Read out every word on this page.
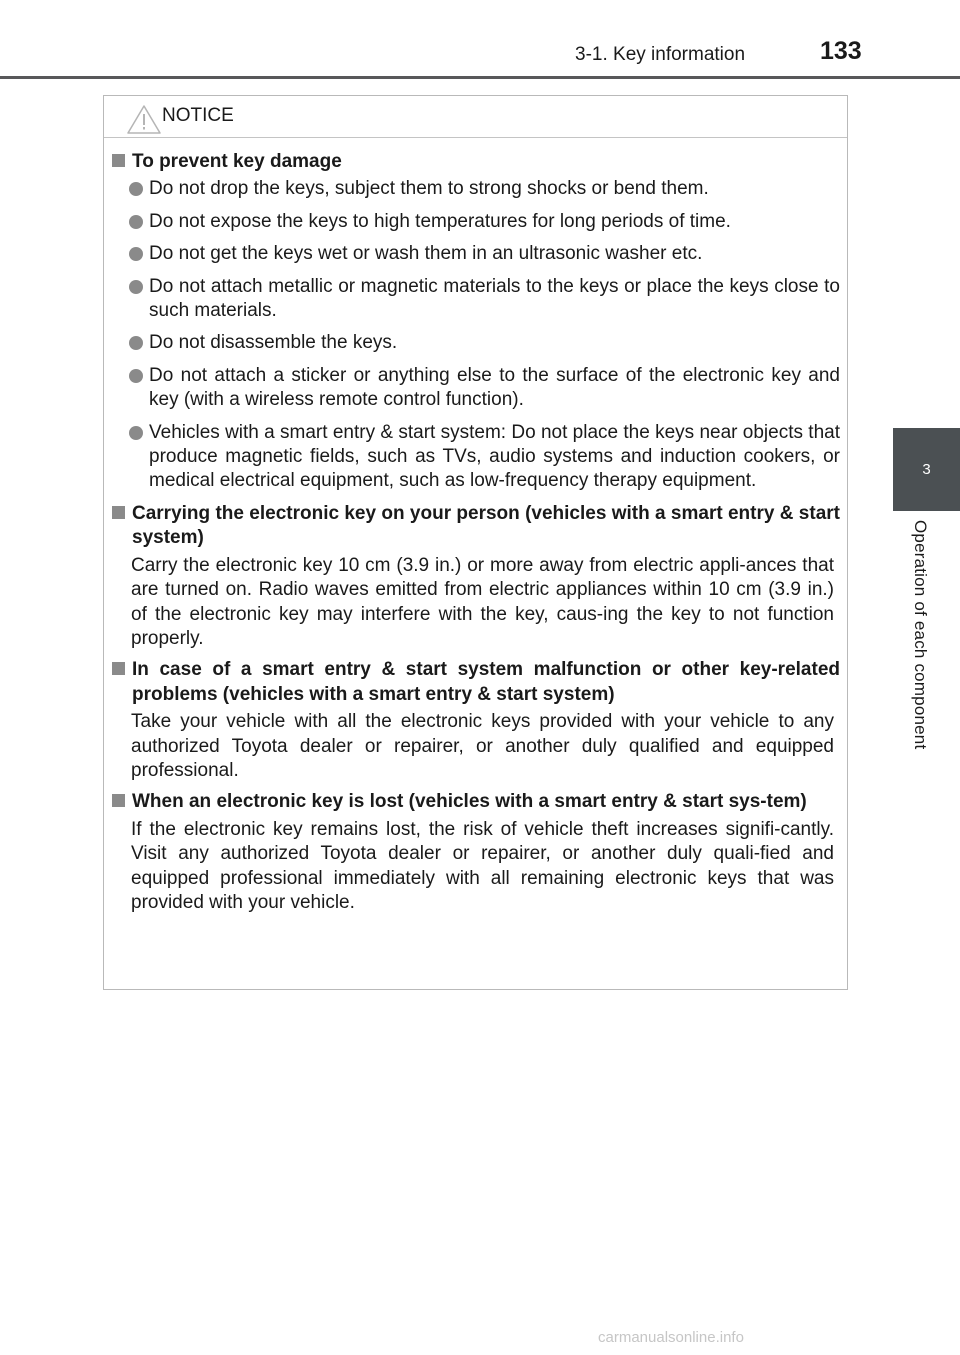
3-1. Key information	133
3
Operation of each component
NOTICE
To prevent key damage
Do not drop the keys, subject them to strong shocks or bend them.
Do not expose the keys to high temperatures for long periods of time.
Do not get the keys wet or wash them in an ultrasonic washer etc.
Do not attach metallic or magnetic materials to the keys or place the keys close to such materials.
Do not disassemble the keys.
Do not attach a sticker or anything else to the surface of the electronic key and key (with a wireless remote control function).
Vehicles with a smart entry & start system: Do not place the keys near objects that produce magnetic fields, such as TVs, audio systems and induction cookers, or medical electrical equipment, such as low-frequency therapy equipment.
Carrying the electronic key on your person (vehicles with a smart entry & start system)
Carry the electronic key 10 cm (3.9 in.) or more away from electric appli-ances that are turned on. Radio waves emitted from electric appliances within 10 cm (3.9 in.) of the electronic key may interfere with the key, caus-ing the key to not function properly.
In case of a smart entry & start system malfunction or other key-related problems (vehicles with a smart entry & start system)
Take your vehicle with all the electronic keys provided with your vehicle to any authorized Toyota dealer or repairer, or another duly qualified and equipped professional.
When an electronic key is lost (vehicles with a smart entry & start sys-tem)
If the electronic key remains lost, the risk of vehicle theft increases signifi-cantly. Visit any authorized Toyota dealer or repairer, or another duly quali-fied and equipped professional immediately with all remaining electronic keys that was provided with your vehicle.
carmanualsonline.info
